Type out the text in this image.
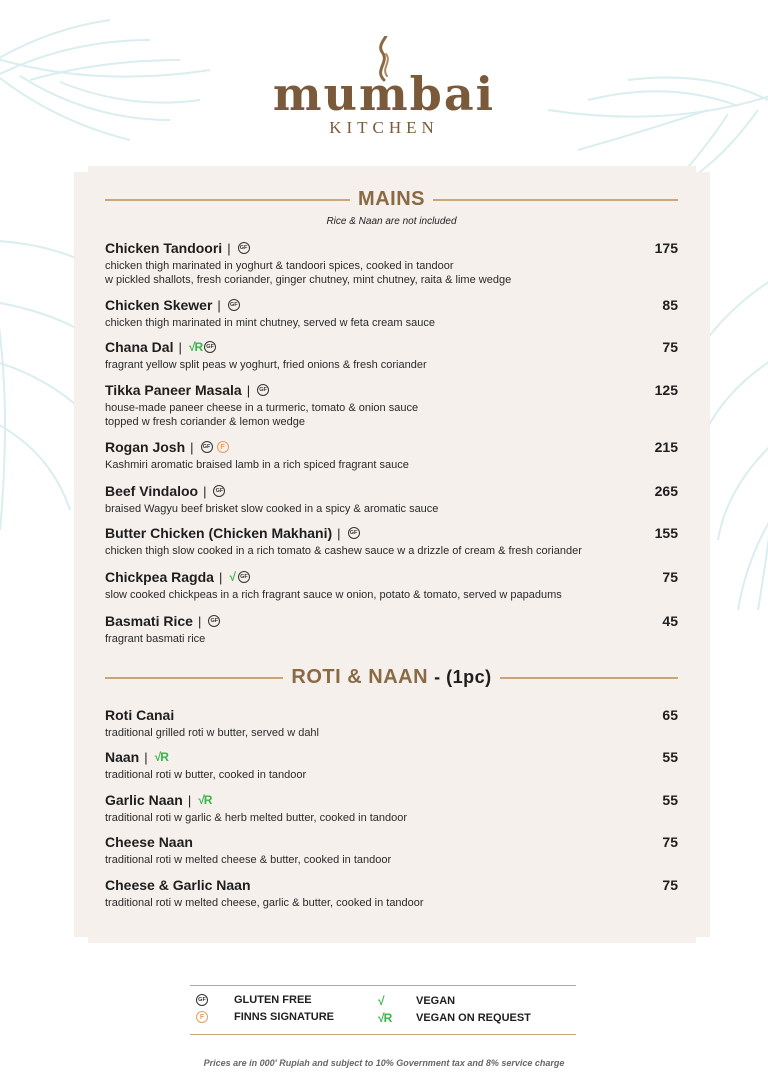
mumbai
KITCHEN
MAINS
Rice & Naan are not included
Chicken Tandoori |	GF	175
chicken thigh marinated in yoghurt & tandoori spices, cooked in tandoor
w pickled shallots, fresh coriander, ginger chutney, mint chutney, raita & lime wedge
Chicken Skewer |	GF	85
chicken thigh marinated in mint chutney, served w feta cream sauce
Chana Dal | √R GF	75
fragrant yellow split peas w yoghurt, fried onions & fresh coriander
Tikka Paneer Masala |	GF	125
house-made paneer cheese in a turmeric, tomato & onion sauce
topped w fresh coriander & lemon wedge
Rogan Josh |	GF	F	215
Kashmiri aromatic braised lamb in a rich spiced fragrant sauce
Beef Vindaloo |	GF	265
braised Wagyu beef brisket slow cooked in a spicy & aromatic sauce
Butter Chicken (Chicken Makhani) |	GF	155
chicken thigh slow cooked in a rich tomato & cashew sauce w a drizzle of cream & fresh coriander
Chickpea Ragda | √ GF	75
slow cooked chickpeas in a rich fragrant sauce w onion, potato & tomato, served w papadums
Basmati Rice |	GF	45
fragrant basmati rice
ROTI & NAAN - (1pc)
Roti Canai	65
traditional grilled roti w butter, served w dahl
Naan | √R	55
traditional roti w butter, cooked in tandoor
Garlic Naan | √R	55
traditional roti w garlic & herb melted butter, cooked in tandoor
Cheese Naan	75
traditional roti w melted cheese & butter, cooked in tandoor
Cheese & Garlic Naan	75
traditional roti w melted cheese, garlic & butter, cooked in tandoor
GF	GLUTEN FREE
F	FINNS SIGNATURE
√	VEGAN
√R VEGAN ON REQUEST
Prices are in 000' Rupiah and subject to 10% Government tax and 8% service charge
